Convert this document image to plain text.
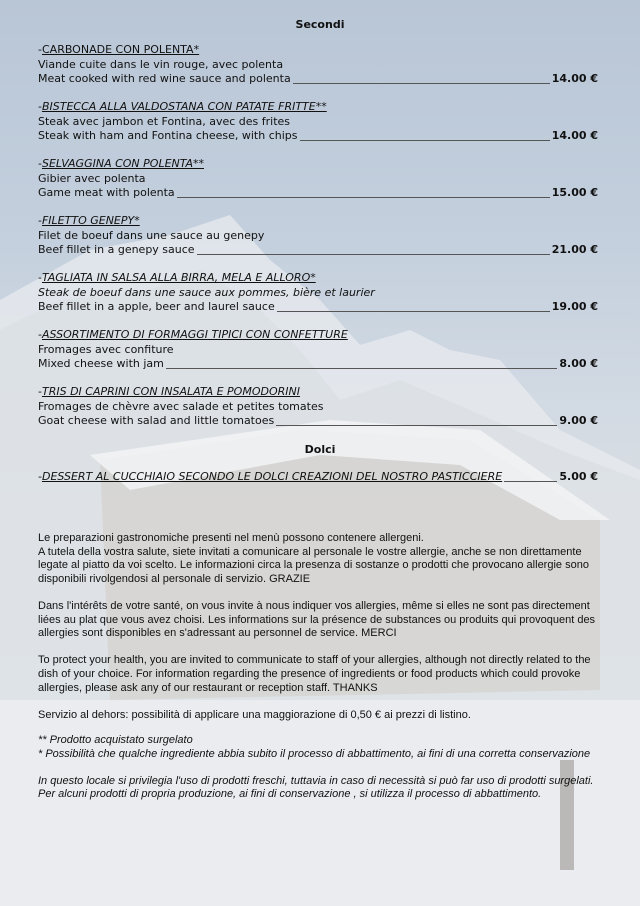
Secondi
-CARBONADE CON POLENTA*
Viande cuite dans le vin rouge, avec polenta
Meat cooked with red wine sauce and polenta	14.00 €
-BISTECCA ALLA VALDOSTANA CON PATATE FRITTE**
Steak avec jambon et Fontina, avec des frites
Steak with ham and Fontina cheese, with chips	14.00 €
-SELVAGGINA CON POLENTA**
Gibier avec polenta
Game meat with polenta	15.00 €
-FILETTO GENEPY*
Filet de boeuf dans une sauce au genepy
Beef fillet in a genepy sauce	21.00 €
-TAGLIATA IN SALSA ALLA BIRRA, MELA E ALLORO*
Steak de boeuf dans une sauce aux pommes, bière et laurier
Beef fillet in a apple, beer and laurel sauce	19.00 €
-ASSORTIMENTO DI FORMAGGI TIPICI CON CONFETTURE
Fromages avec confiture
Mixed cheese with jam	8.00 €
-TRIS DI CAPRINI CON INSALATA E POMODORINI
Fromages de chèvre avec salade et petites tomates
Goat cheese with salad and little tomatoes	9.00 €
Dolci
-DESSERT AL CUCCHIAIO SECONDO LE DOLCI CREAZIONI DEL NOSTRO PASTICCIERE	5.00 €
Le preparazioni gastronomiche presenti nel menù possono contenere allergeni.

A tutela della vostra salute, siete invitati a comunicare al personale le vostre allergie, anche se non direttamente legate al piatto da voi scelto. Le informazioni circa la presenza di sostanze o prodotti che provocano allergie sono disponibili rivolgendosi al personale di servizio. GRAZIE

Dans l'intérêts de votre santé, on vous invite à nous indiquer vos allergies, même si elles ne sont pas directement liées au plat que vous avez choisi. Les informations sur la présence de substances ou produits qui provoquent des allergies sont disponibles en s'adressant au personnel de service. MERCI

To protect your health, you are invited to communicate to staff of your allergies, although not directly related to the dish of your choice. For information regarding the presence of ingredients or food products which could provoke allergies, please ask any of our restaurant or reception staff. THANKS

Servizio al dehors: possibilità di applicare una maggiorazione di 0,50 € ai prezzi di listino.

** Prodotto acquistato surgelato

* Possibilità che qualche ingrediente abbia subito il processo di abbattimento, ai fini di una corretta conservazione

In questo locale si privilegia l'uso di prodotti freschi, tuttavia in caso di necessità si può far uso di prodotti surgelati. Per alcuni prodotti di propria produzione, ai fini di conservazione , si utilizza il processo di abbattimento.
